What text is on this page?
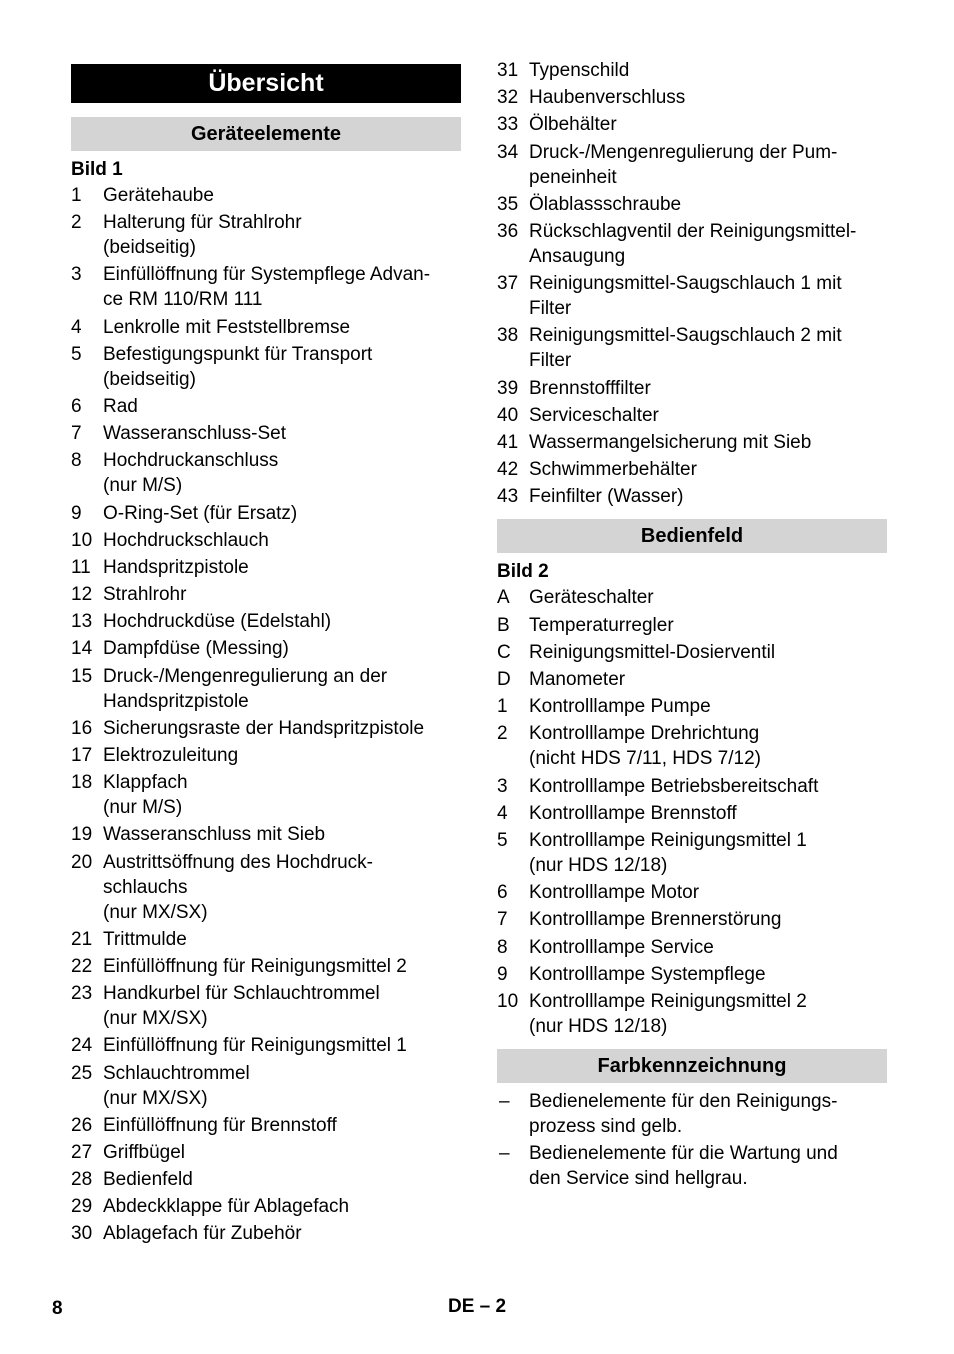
Übersicht
Geräteelemente
Bild 1
1	Gerätehaube
2	Halterung für Strahlrohr
(beidseitig)
3	Einfüllöffnung für Systempflege Advan-
ce RM 110/RM 111
4	Lenkrolle mit Feststellbremse
5	Befestigungspunkt für Transport
(beidseitig)
6	Rad
7	Wasseranschluss-Set
8	Hochdruckanschluss
(nur M/S)
9	O-Ring-Set (für Ersatz)
10 Hochdruckschlauch
11 Handspritzpistole
12 Strahlrohr
13 Hochdruckdüse (Edelstahl)
14 Dampfdüse (Messing)
15 Druck-/Mengenregulierung an der
Handspritzpistole
16 Sicherungsraste der Handspritzpistole
17 Elektrozuleitung
18 Klappfach
(nur M/S)
19 Wasseranschluss mit Sieb
20 Austrittsöffnung des Hochdruck-
schlauchs
(nur MX/SX)
21 Trittmulde
22 Einfüllöffnung für Reinigungsmittel 2
23 Handkurbel für Schlauchtrommel
(nur MX/SX)
24 Einfüllöffnung für Reinigungsmittel 1
25 Schlauchtrommel
(nur MX/SX)
26 Einfüllöffnung für Brennstoff
27 Griffbügel
28 Bedienfeld
29 Abdeckklappe für Ablagefach
30 Ablagefach für Zubehör
31 Typenschild
32 Haubenverschluss
33 Ölbehälter
34 Druck-/Mengenregulierung der Pum-
peneinheit
35 Ölablassschraube
36 Rückschlagventil der Reinigungsmittel-
Ansaugung
37 Reinigungsmittel-Saugschlauch 1 mit
Filter
38 Reinigungsmittel-Saugschlauch 2 mit
Filter
39 Brennstofffilter
40 Serviceschalter
41 Wassermangelsicherung mit Sieb
42 Schwimmerbehälter
43 Feinfilter (Wasser)
Bedienfeld
Bild 2
A	Geräteschalter
B	Temperaturregler
C Reinigungsmittel-Dosierventil
D Manometer
1	Kontrolllampe Pumpe
2	Kontrolllampe Drehrichtung
(nicht HDS 7/11, HDS 7/12)
3	Kontrolllampe Betriebsbereitschaft
4	Kontrolllampe Brennstoff
5	Kontrolllampe Reinigungsmittel 1
(nur HDS 12/18)
6	Kontrolllampe Motor
7	Kontrolllampe Brennerstörung
8	Kontrolllampe Service
9	Kontrolllampe Systempflege
10 Kontrolllampe Reinigungsmittel 2
(nur HDS 12/18)
Farbkennzeichnung
–	Bedienelemente für den Reinigungs-
prozess sind gelb.
–	Bedienelemente für die Wartung und
den Service sind hellgrau.
8	DE – 2
